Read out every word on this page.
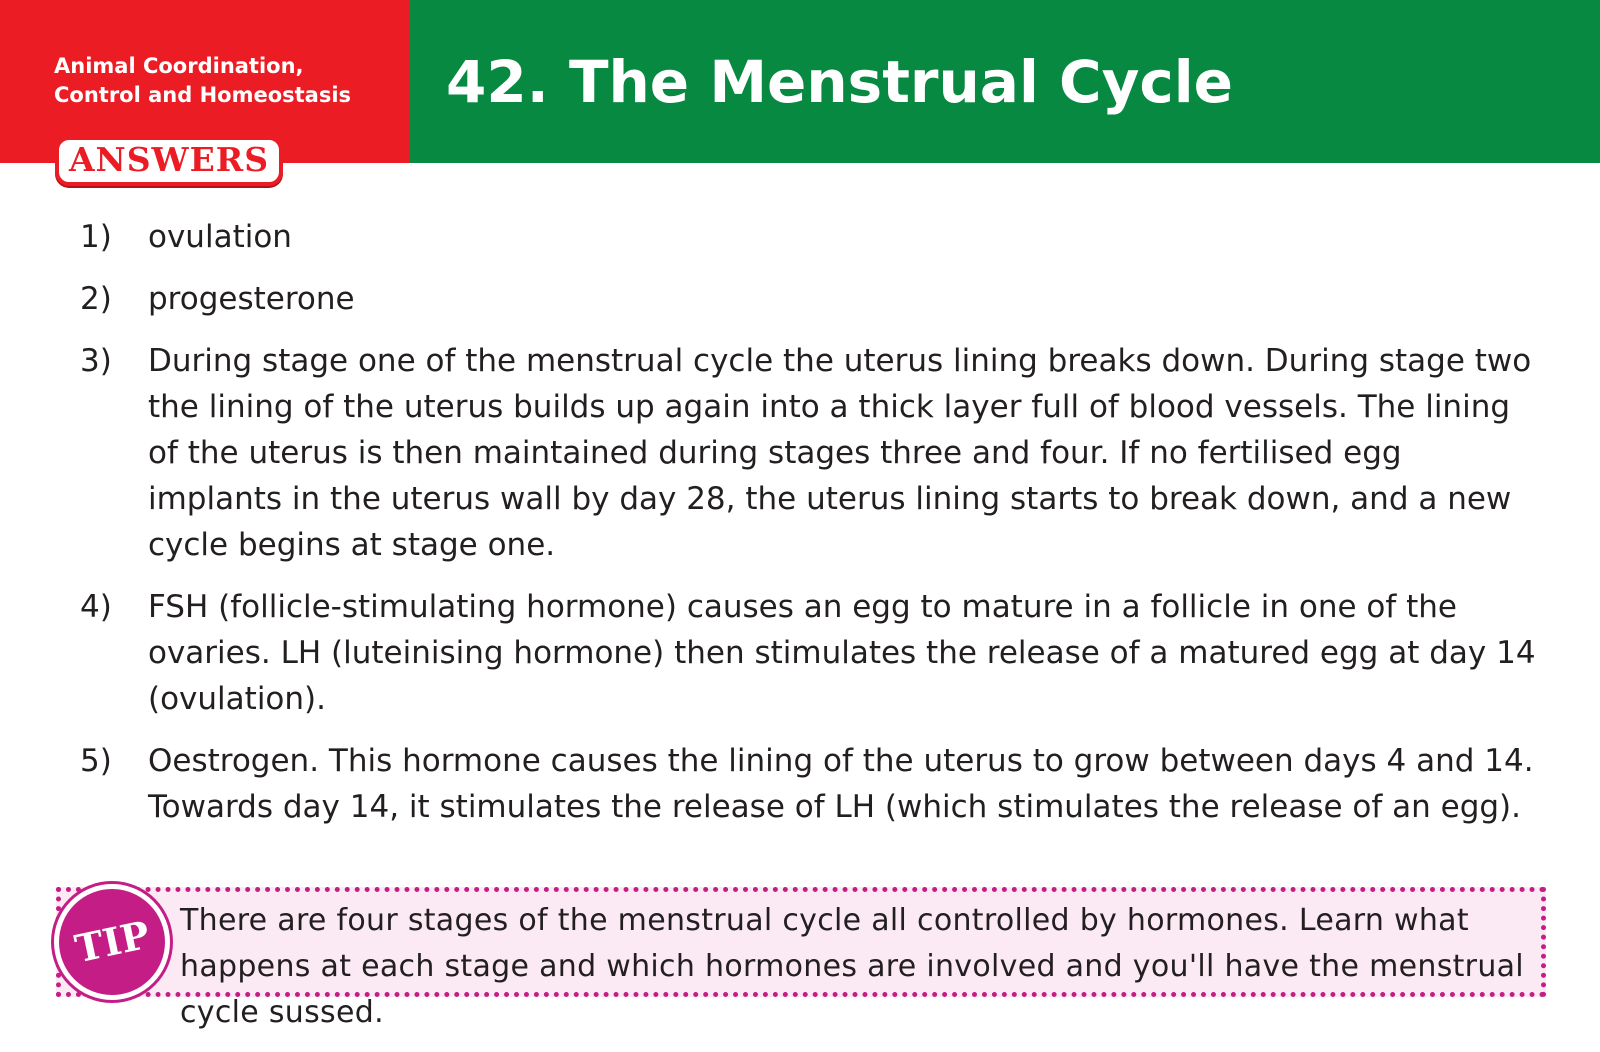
Animal Coordination,
Control and Homeostasis
ANSWERS
42. The Menstrual Cycle
1) ovulation
2) progesterone
3) During stage one of the menstrual cycle the uterus lining breaks down. During stage two the lining of the uterus builds up again into a thick layer full of blood vessels. The lining of the uterus is then maintained during stages three and four. If no fertilised egg implants in the uterus wall by day 28, the uterus lining starts to break down, and a new cycle begins at stage one.
4) FSH (follicle-stimulating hormone) causes an egg to mature in a follicle in one of the ovaries. LH (luteinising hormone) then stimulates the release of a matured egg at day 14 (ovulation).
5) Oestrogen. This hormone causes the lining of the uterus to grow between days 4 and 14. Towards day 14, it stimulates the release of LH (which stimulates the release of an egg).
TIP There are four stages of the menstrual cycle all controlled by hormones. Learn what happens at each stage and which hormones are involved and you'll have the menstrual cycle sussed.
